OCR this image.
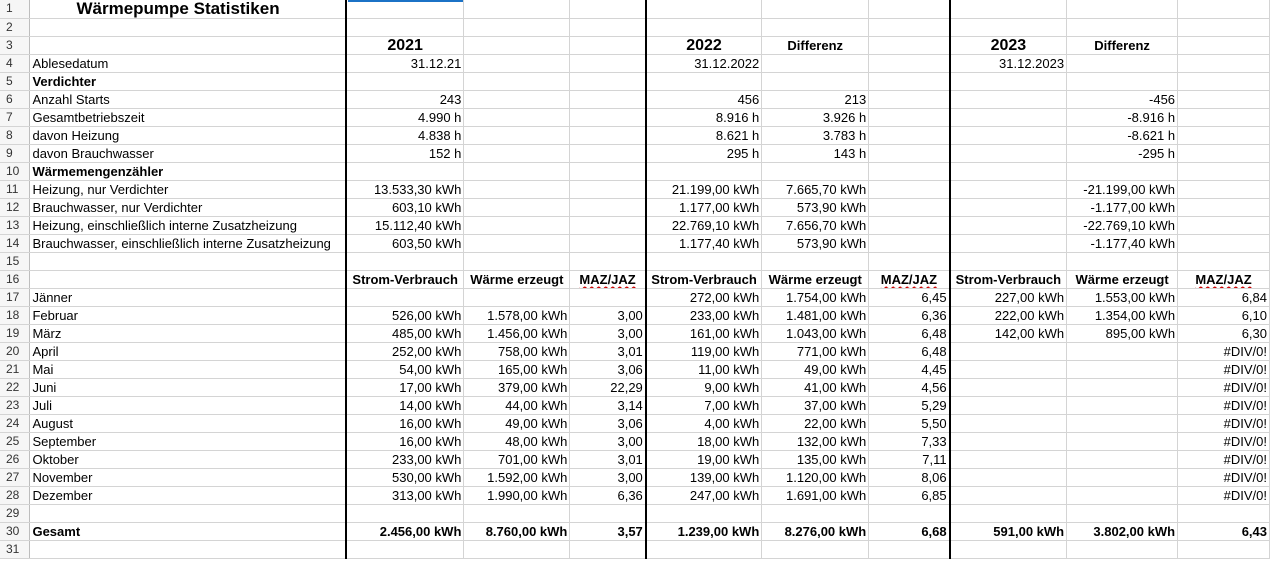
1	Wärmepumpe Statistiken									
2										
3		2021			2022	Differenz		2023	Differenz	
4	Ablesedatum	31.12.21			31.12.2022			31.12.2023		
5	Verdichter									
6	Anzahl Starts	243			456	213			-456	
7	Gesamtbetriebszeit	4.990 h			8.916 h	3.926 h			-8.916 h	
8	davon Heizung	4.838 h			8.621 h	3.783 h			-8.621 h	
9	davon Brauchwasser	152 h			295 h	143 h			-295 h	
10	Wärmemengenzähler									
11	Heizung, nur Verdichter	13.533,30 kWh			21.199,00 kWh	7.665,70 kWh			-21.199,00 kWh	
12	Brauchwasser, nur Verdichter	603,10 kWh			1.177,00 kWh	573,90 kWh			-1.177,00 kWh	
13	Heizung, einschließlich interne Zusatzheizung	15.112,40 kWh			22.769,10 kWh	7.656,70 kWh			-22.769,10 kWh	
14	Brauchwasser, einschließlich interne Zusatzheizung	603,50 kWh			1.177,40 kWh	573,90 kWh			-1.177,40 kWh	
15										
16		Strom-Verbrauch	Wärme erzeugt	MAZ/JAZ	Strom-Verbrauch	Wärme erzeugt	MAZ/JAZ	Strom-Verbrauch	Wärme erzeugt	MAZ/JAZ
17	Jänner				272,00 kWh	1.754,00 kWh	6,45	227,00 kWh	1.553,00 kWh	6,84
18	Februar	526,00 kWh	1.578,00 kWh	3,00	233,00 kWh	1.481,00 kWh	6,36	222,00 kWh	1.354,00 kWh	6,10
19	März	485,00 kWh	1.456,00 kWh	3,00	161,00 kWh	1.043,00 kWh	6,48	142,00 kWh	895,00 kWh	6,30
20	April	252,00 kWh	758,00 kWh	3,01	119,00 kWh	771,00 kWh	6,48			#DIV/0!
21	Mai	54,00 kWh	165,00 kWh	3,06	11,00 kWh	49,00 kWh	4,45			#DIV/0!
22	Juni	17,00 kWh	379,00 kWh	22,29	9,00 kWh	41,00 kWh	4,56			#DIV/0!
23	Juli	14,00 kWh	44,00 kWh	3,14	7,00 kWh	37,00 kWh	5,29			#DIV/0!
24	August	16,00 kWh	49,00 kWh	3,06	4,00 kWh	22,00 kWh	5,50			#DIV/0!
25	September	16,00 kWh	48,00 kWh	3,00	18,00 kWh	132,00 kWh	7,33			#DIV/0!
26	Oktober	233,00 kWh	701,00 kWh	3,01	19,00 kWh	135,00 kWh	7,11			#DIV/0!
27	November	530,00 kWh	1.592,00 kWh	3,00	139,00 kWh	1.120,00 kWh	8,06			#DIV/0!
28	Dezember	313,00 kWh	1.990,00 kWh	6,36	247,00 kWh	1.691,00 kWh	6,85			#DIV/0!
29										
30	Gesamt	2.456,00 kWh	8.760,00 kWh	3,57	1.239,00 kWh	8.276,00 kWh	6,68	591,00 kWh	3.802,00 kWh	6,43
31										
